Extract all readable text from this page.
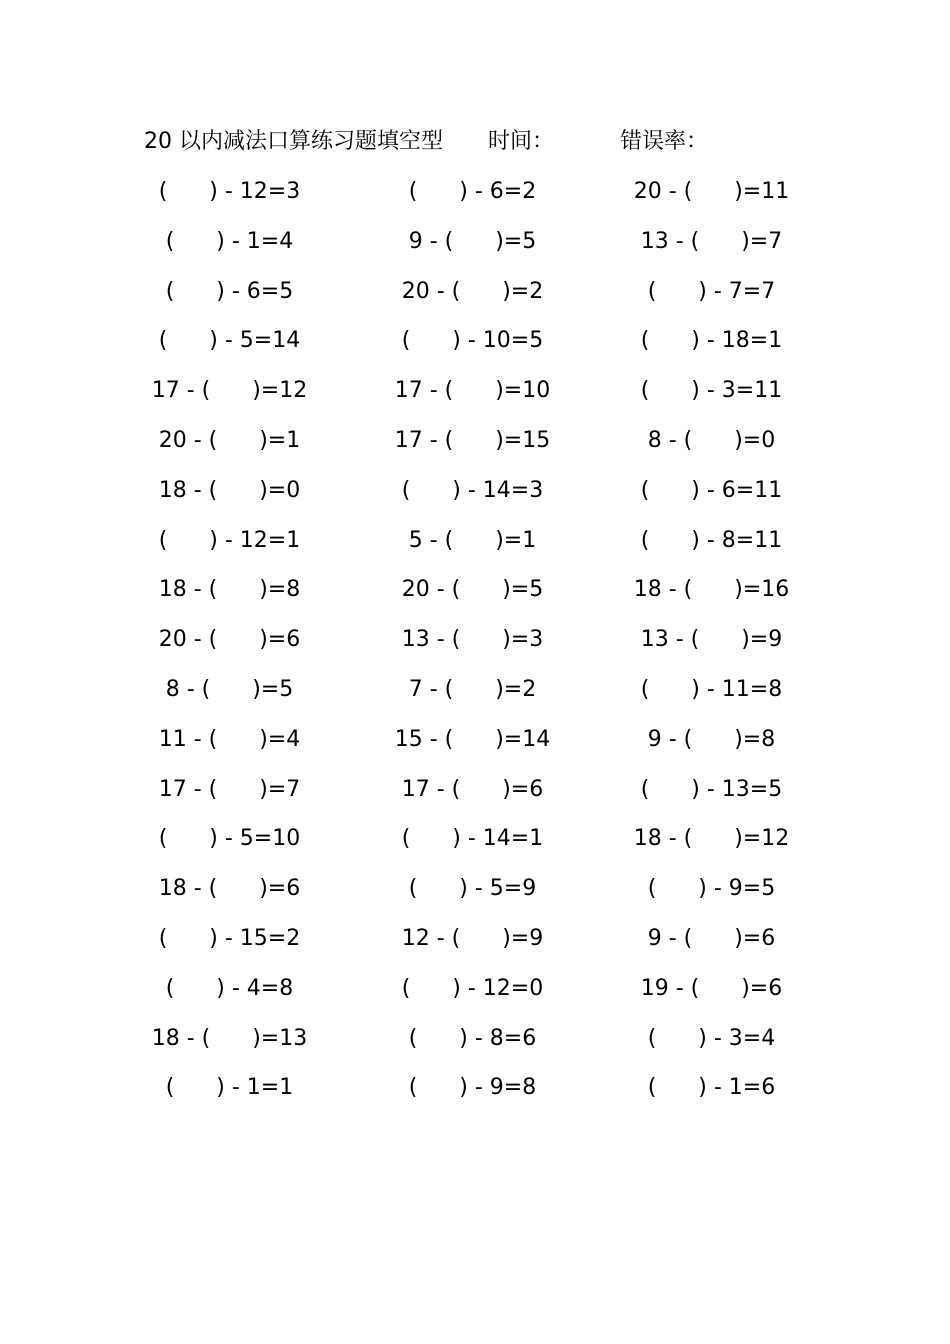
20 以内减法口算练习题填空型 时间：	错误率：
(      ) - 12=3	(      ) - 6=2	20 - (      )=11
(      ) - 1=4	9 - (      )=5	13 - (      )=7
(      ) - 6=5	20 - (      )=2	(      ) - 7=7
(      ) - 5=14	(      ) - 10=5	(      ) - 18=1
17 - (      )=12	17 - (      )=10	(      ) - 3=11
20 - (      )=1	17 - (      )=15	8 - (      )=0
18 - (      )=0	(      ) - 14=3	(      ) - 6=11
(      ) - 12=1	5 - (      )=1	(      ) - 8=11
18 - (      )=8	20 - (      )=5	18 - (      )=16
20 - (      )=6	13 - (      )=3	13 - (      )=9
8 - (      )=5	7 - (      )=2	(      ) - 11=8
11 - (      )=4	15 - (      )=14	9 - (      )=8
17 - (      )=7	17 - (      )=6	(      ) - 13=5
(      ) - 5=10	(      ) - 14=1	18 - (      )=12
18 - (      )=6	(      ) - 5=9	(      ) - 9=5
(      ) - 15=2	12 - (      )=9	9 - (      )=6
(      ) - 4=8	(      ) - 12=0	19 - (      )=6
18 - (      )=13	(      ) - 8=6	(      ) - 3=4
(      ) - 1=1	(      ) - 9=8	(      ) - 1=6
